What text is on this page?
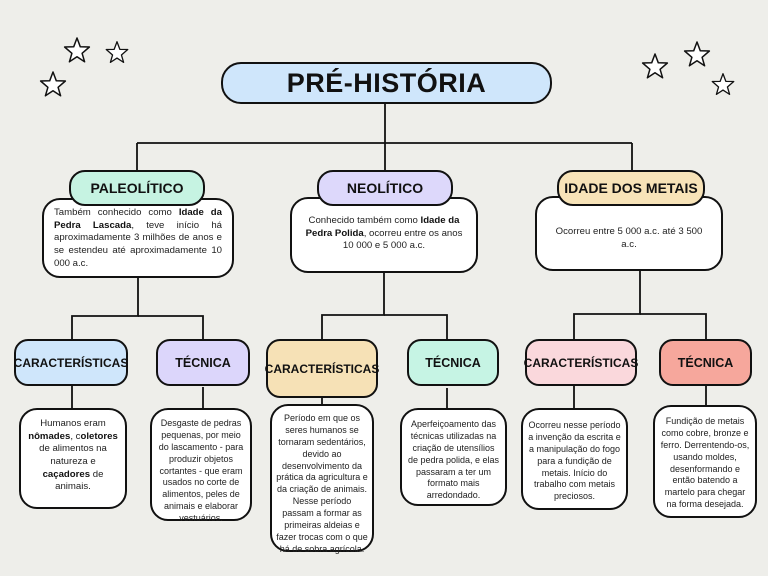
PRÉ-HISTÓRIA
Também conhecido como Idade da Pedra Lascada, teve início há aproximadamente 3 milhões de anos e se estendeu até aproximadamente 10 000 a.c.
PALEOLÍTICO
CARACTERÍSTICAS
Humanos eram nômades, coletores de alimentos na natureza e caçadores de animais.
TÉCNICA
Desgaste de pedras pequenas, por meio do lascamento - para produzir objetos cortantes - que eram usados no corte de alimentos, peles de animais e elaborar vestuários.
Conhecido também como Idade da Pedra Polida, ocorreu entre os anos 10 000 e 5 000 a.c.
NEOLÍTICO
CARACTERÍSTICAS
Período em que os seres humanos se tornaram sedentários, devido ao desenvolvimento da prática da agricultura e da criação de animais. Nesse período passam a formar as primeiras aldeias e fazer trocas com o que há de sobra agrícola.
TÉCNICA
Aperfeiçoamento das técnicas utilizadas na criação de utensílios de pedra polida, e elas passaram a ter um formato mais arredondado.
Ocorreu entre 5 000 a.c. até 3 500 a.c.
IDADE DOS METAIS
CARACTERÍSTICAS
Ocorreu nesse período a invenção da escrita e a manipulação do fogo para a fundição de metais. Início do trabalho com metais preciosos.
TÉCNICA
Fundição de metais como cobre, bronze e ferro. Derrentendo-os, usando moldes, desenformando e então batendo a martelo para chegar na forma desejada.
